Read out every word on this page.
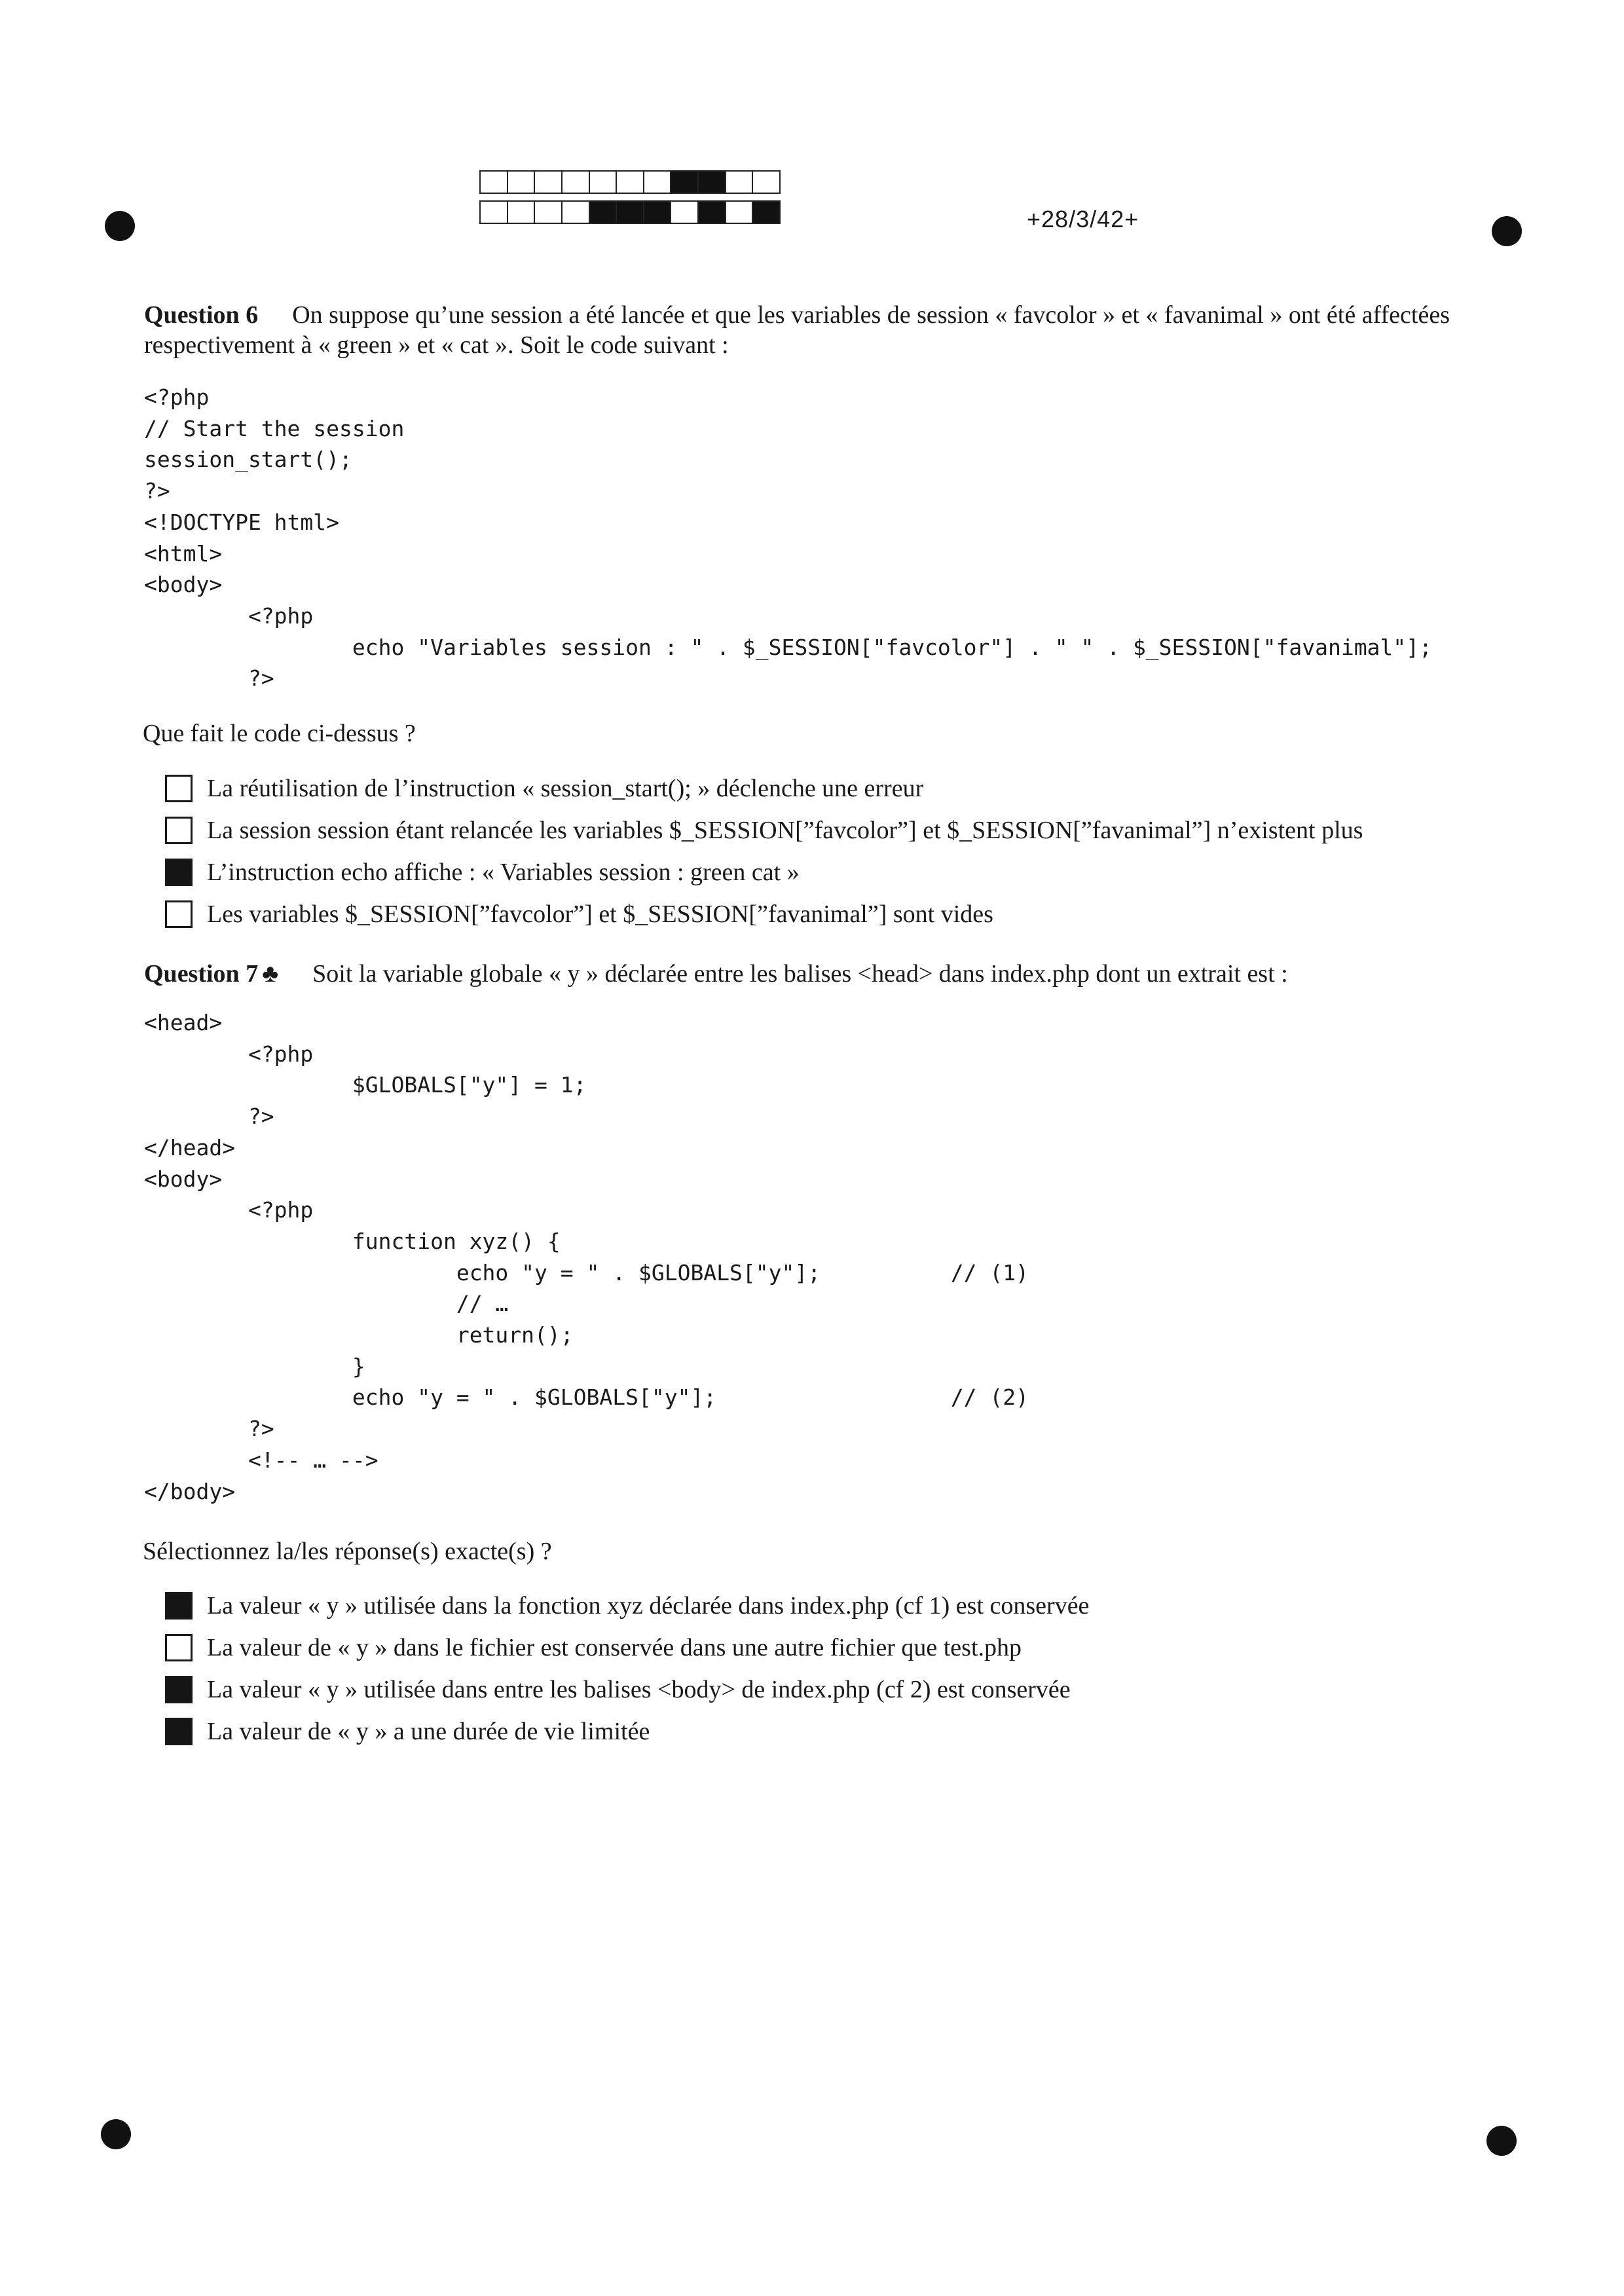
+28/3/42+
Question 6 On suppose qu’une session a été lancée et que les variables de session « favcolor » et « favanimal » ont été affectées respectivement à « green » et « cat ». Soit le code suivant :
<?php
// Start the session
session_start();
?>
<!DOCTYPE html>
<html>
<body>
<?php
echo "Variables session : " . $_SESSION["favcolor"] . " " . $_SESSION["favanimal"];
?>
Que fait le code ci-dessus ?
La réutilisation de l’instruction « session_start(); » déclenche une erreur
La session session étant relancée les variables $_SESSION[”favcolor”] et $_SESSION[”favanimal”] n’existent plus
L’instruction echo affiche : « Variables session : green cat »
Les variables $_SESSION[”favcolor”] et $_SESSION[”favanimal”] sont vides
Question 7 ♣ Soit la variable globale « y » déclarée entre les balises <head> dans index.php dont un extrait est :
<head>
<?php
$GLOBALS["y"] = 1;
?>
</head>
<body>
<?php
function xyz() {
echo "y = " . $GLOBALS["y"];          // (1)
// …
return();
}
echo "y = " . $GLOBALS["y"];                  // (2)
?>
<!-- … -->
</body>
Sélectionnez la/les réponse(s) exacte(s) ?
La valeur « y » utilisée dans la fonction xyz déclarée dans index.php (cf 1) est conservée
La valeur de « y » dans le fichier est conservée dans une autre fichier que test.php
La valeur « y » utilisée dans entre les balises <body> de index.php (cf 2) est conservée
La valeur de « y » a une durée de vie limitée
